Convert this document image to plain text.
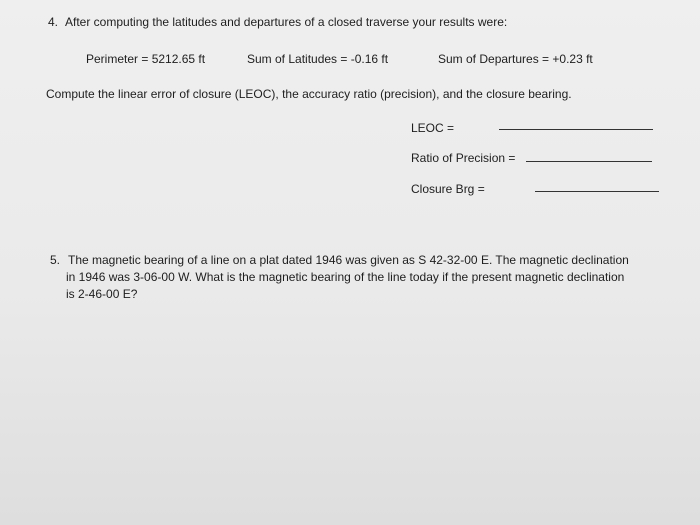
4. After computing the latitudes and departures of a closed traverse your results were:
Perimeter = 5212.65 ft	Sum of Latitudes = -0.16 ft	Sum of Departures = +0.23 ft
Compute the linear error of closure (LEOC), the accuracy ratio (precision), and the closure bearing.
LEOC =
Ratio of Precision =
Closure Brg =
5. The magnetic bearing of a line on a plat dated 1946 was given as S 42-32-00 E. The magnetic declination
in 1946 was 3-06-00 W. What is the magnetic bearing of the line today if the present magnetic declination
is 2-46-00 E?
